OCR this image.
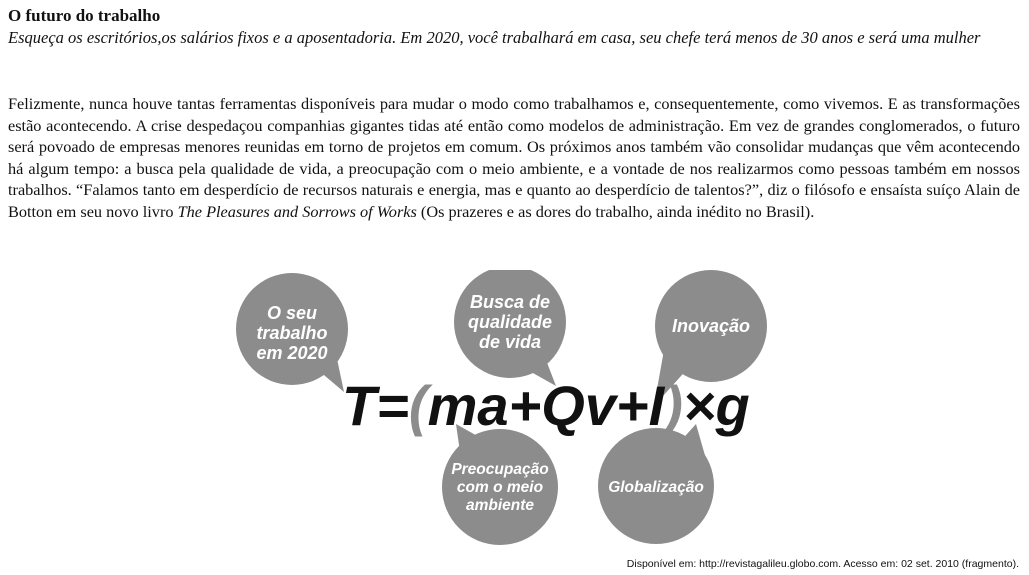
O futuro do trabalho
Esqueça os escritórios,os salários fixos e a aposentadoria. Em 2020, você trabalhará em casa, seu chefe terá menos de 30 anos e será uma mulher
Felizmente, nunca houve tantas ferramentas disponíveis para mudar o modo como trabalhamos e, consequentemente, como vivemos. E as transformações estão acontecendo. A crise despedaçou companhias gigantes tidas até então como modelos de administração. Em vez de grandes conglomerados, o futuro será povoado de empresas menores reunidas em torno de projetos em comum. Os próximos anos também vão consolidar mudanças que vêm acontecendo há algum tempo: a busca pela qualidade de vida, a preocupação com o meio ambiente, e a vontade de nos realizarmos como pessoas também em nossos trabalhos. “Falamos tanto em desperdício de recursos naturais e energia, mas e quanto ao desperdício de talentos?”, diz o filósofo e ensaísta suíço Alain de Botton em seu novo livro The Pleasures and Sorrows of Works (Os prazeres e as dores do trabalho, ainda inédito no Brasil).
O seu
trabalho
em 2020
Busca de
qualidade
de vida
Inovação
Preocupação
com o meio
ambiente
Globalização
T=(ma+Qv+I)×g
Disponível em: http://revistagalileu.globo.com. Acesso em: 02 set. 2010 (fragmento).
